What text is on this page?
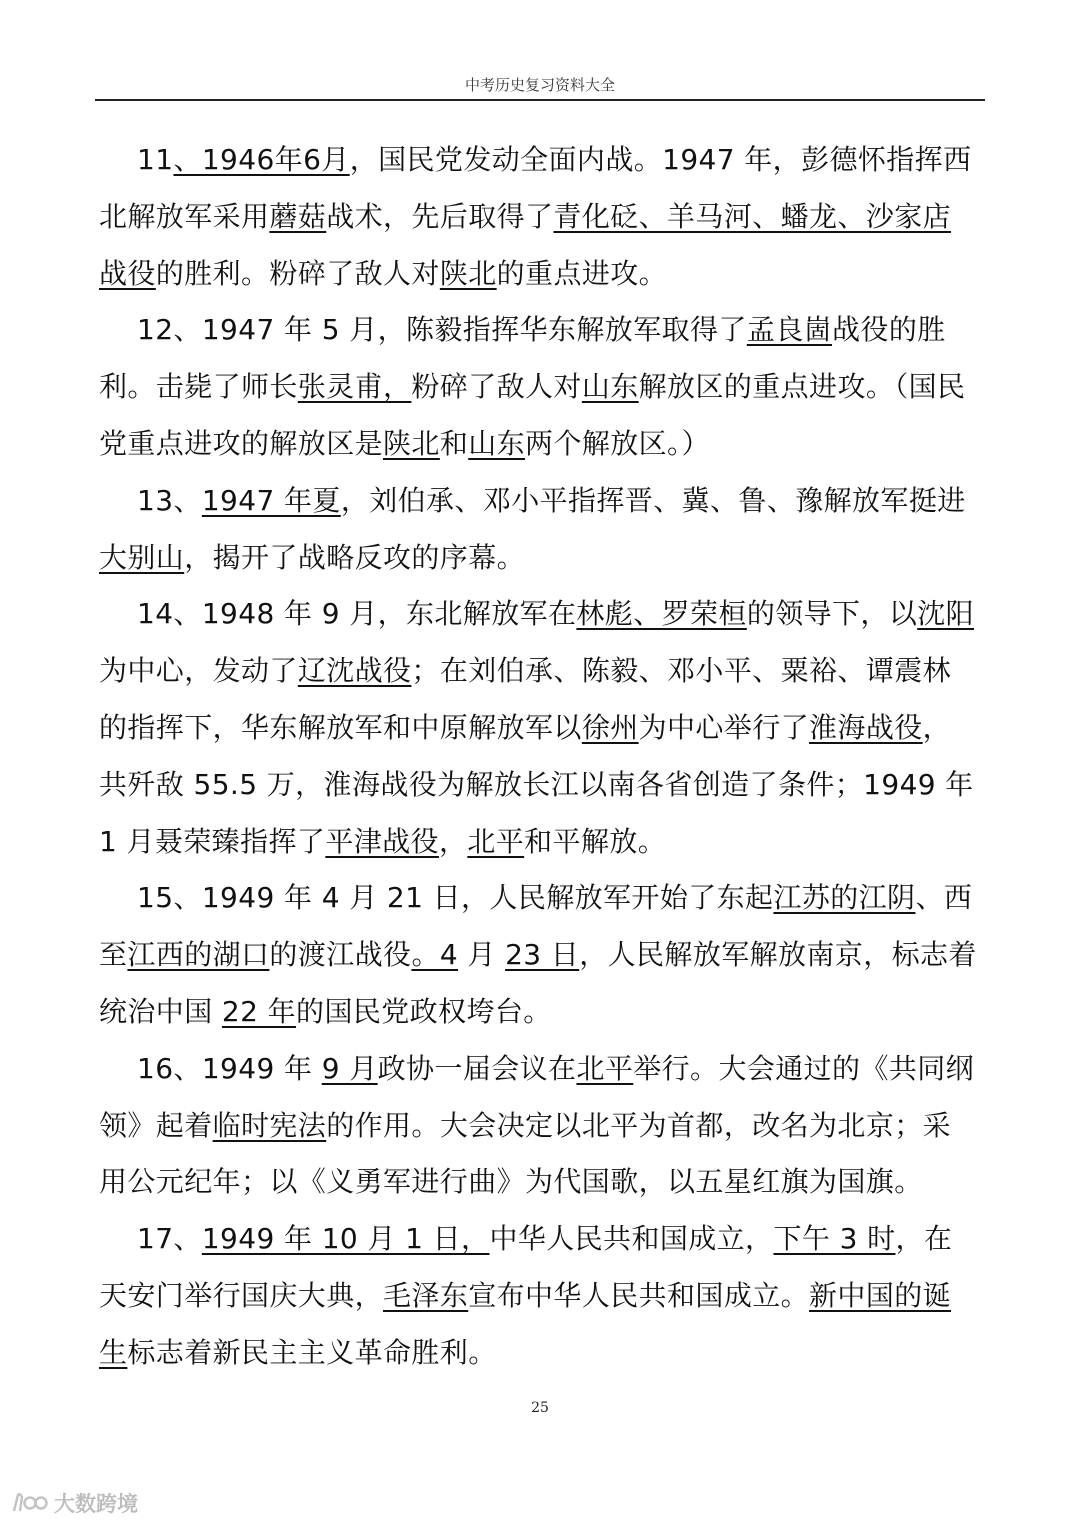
中考历史复习资料大全

11、1946年6月，国民党发动全面内战。1947 年，彭德怀指挥西北解放军采用蘑菇战术，先后取得了青化砭、羊马河、蟠龙、沙家店战役的胜利。粉碎了敌人对陕北的重点进攻。

12、1947 年 5 月，陈毅指挥华东解放军取得了孟良崮战役的胜利。击毙了师长张灵甫，粉碎了敌人对山东解放区的重点进攻。（国民党重点进攻的解放区是陕北和山东两个解放区。）

13、1947 年夏，刘伯承、邓小平指挥晋、冀、鲁、豫解放军挺进大别山，揭开了战略反攻的序幕。

14、1948 年 9 月，东北解放军在林彪、罗荣桓的领导下，以沈阳为中心，发动了辽沈战役；在刘伯承、陈毅、邓小平、粟裕、谭震林的指挥下，华东解放军和中原解放军以徐州为中心举行了淮海战役，共歼敌 55.5 万，淮海战役为解放长江以南各省创造了条件；1949 年 1 月聂荣臻指挥了平津战役，北平和平解放。

15、1949 年 4 月 21 日，人民解放军开始了东起江苏的江阴、西至江西的湖口的渡江战役。4 月 23 日，人民解放军解放南京，标志着统治中国 22 年的国民党政权垮台。

16、1949 年 9 月政协一届会议在北平举行。大会通过的《共同纲领》起着临时宪法的作用。大会决定以北平为首都，改名为北京；采用公元纪年；以《义勇军进行曲》为代国歌，以五星红旗为国旗。

17、1949 年 10 月 1 日，中华人民共和国成立，下午 3 时，在天安门举行国庆大典，毛泽东宣布中华人民共和国成立。新中国的诞生标志着新民主主义革命胜利。

25
大数跨境
